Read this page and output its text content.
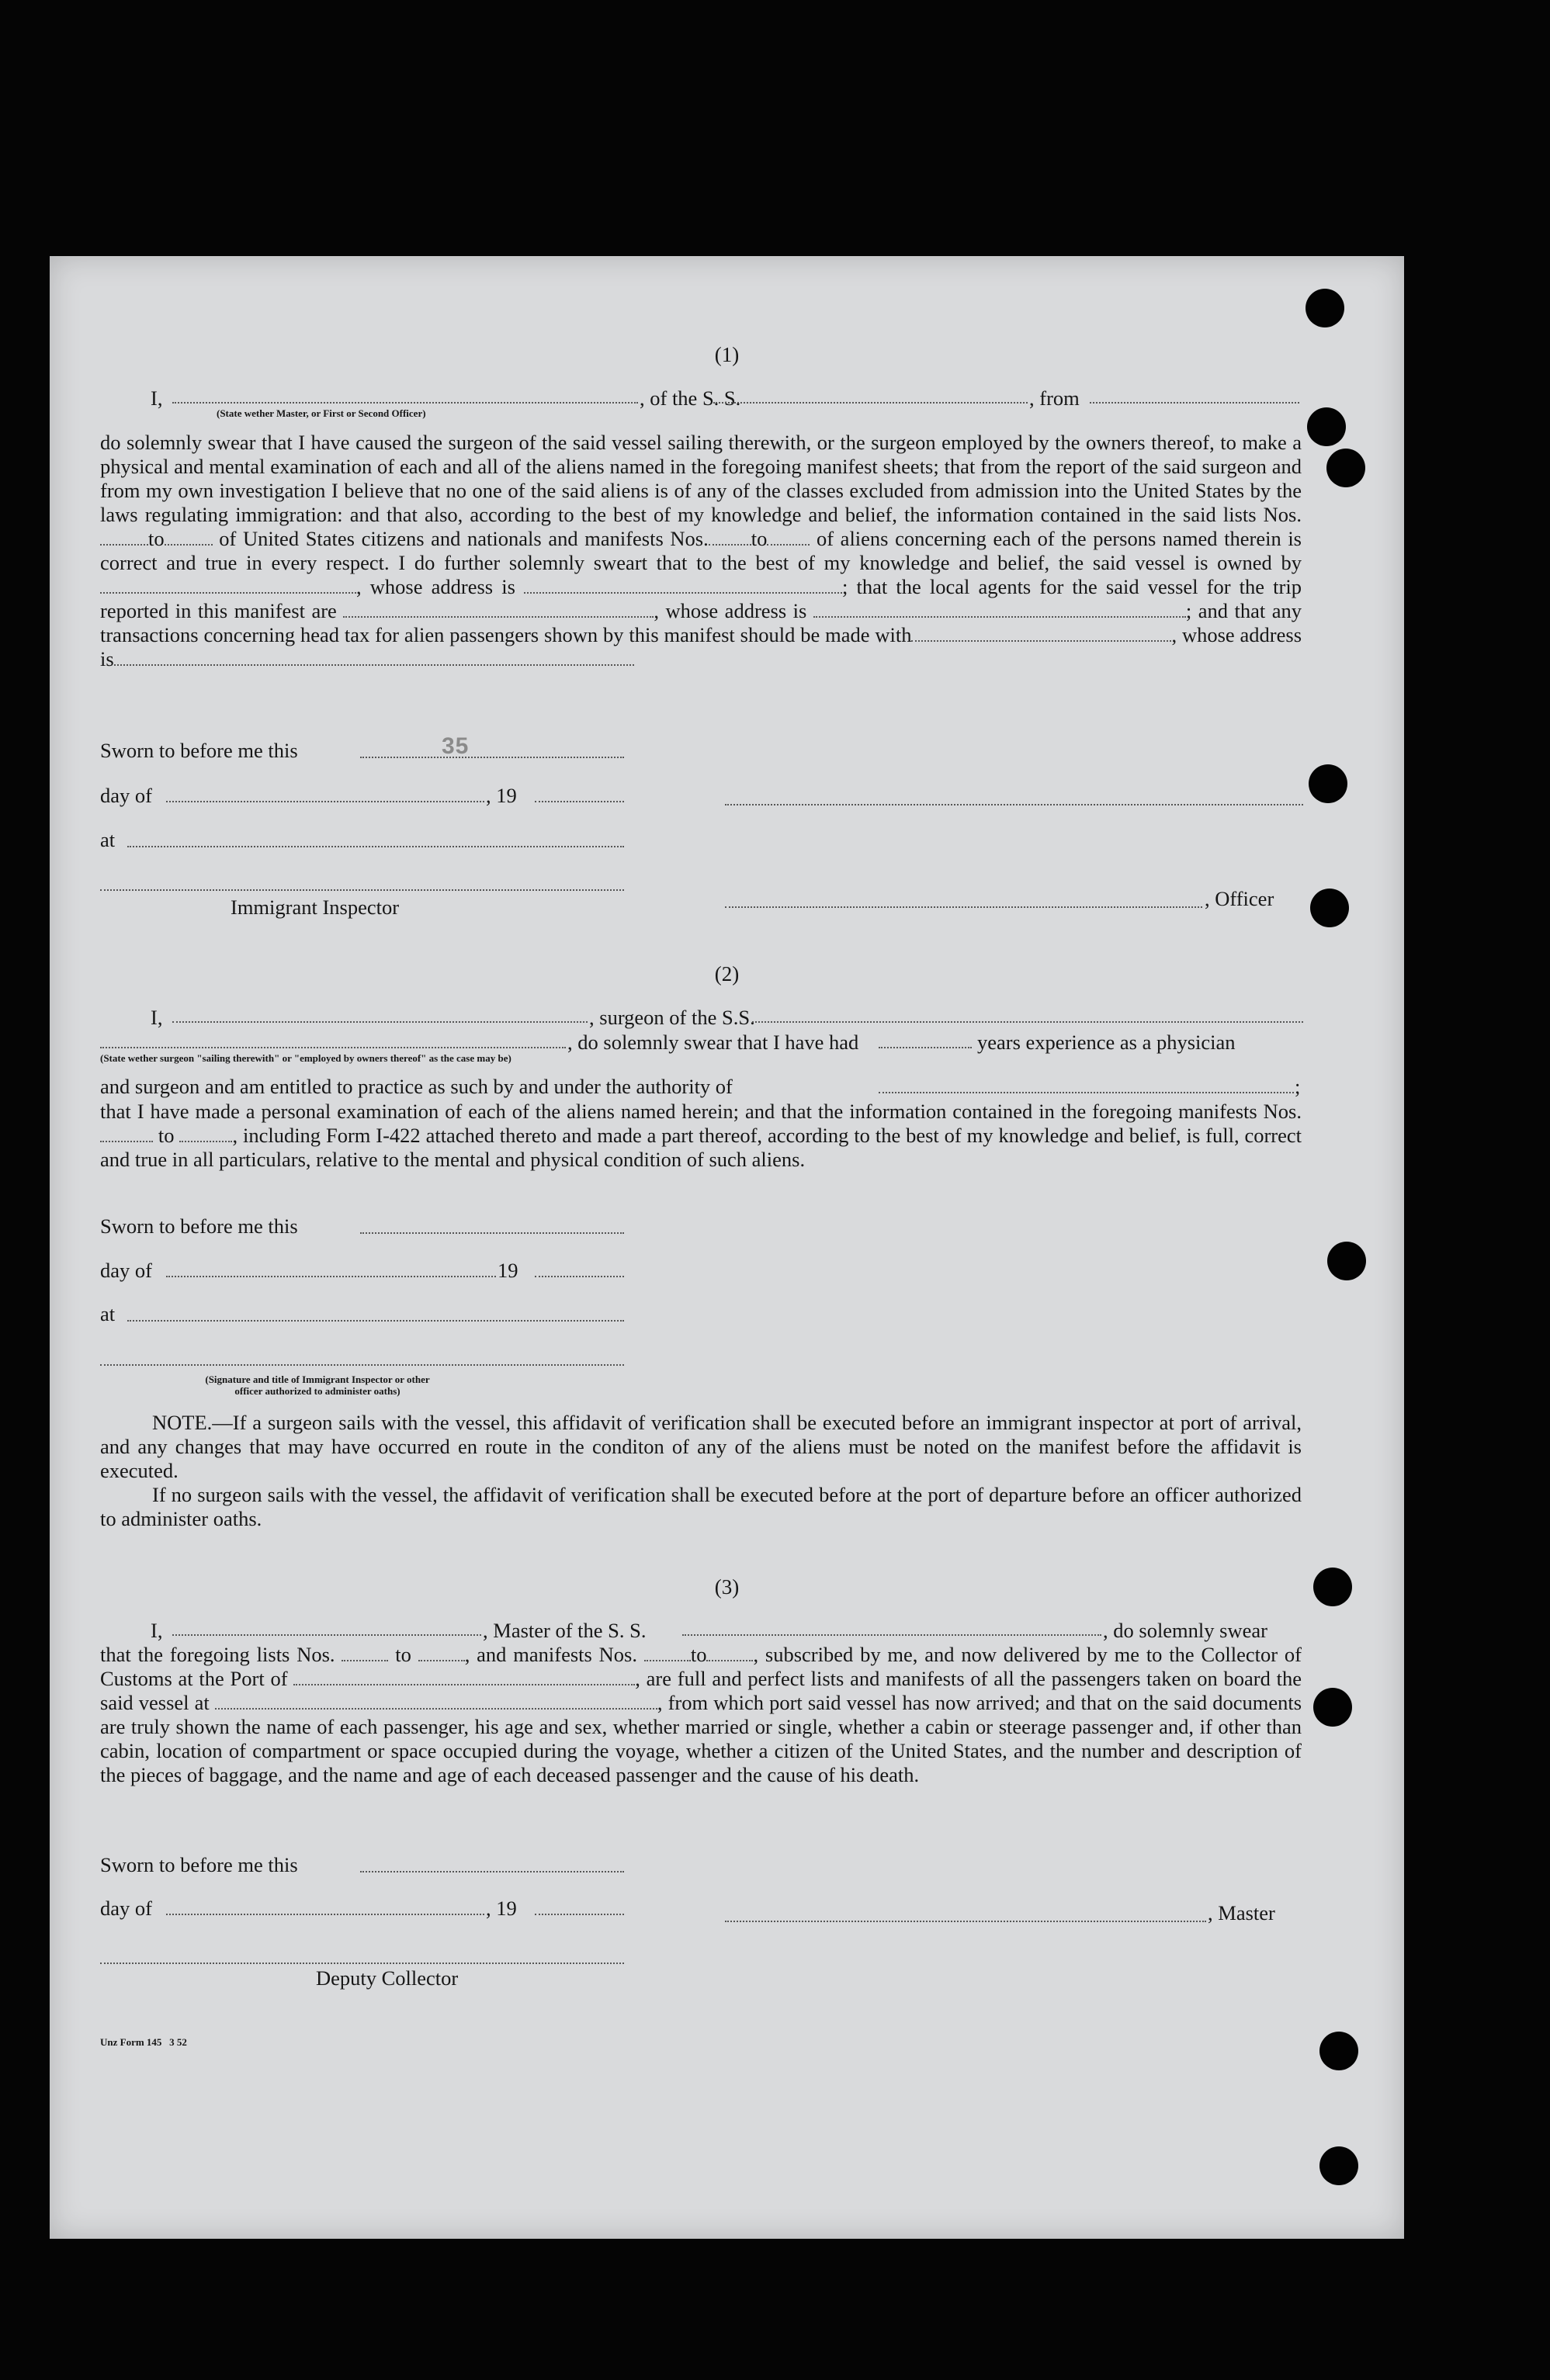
(1)
I,	, of the S. S.	, from
(State wether Master, or First or Second Officer)

do solemnly swear that I have caused the surgeon of the said vessel sailing therewith, or the surgeon employed by the owners thereof, to make a physical and mental examination of each and all of the aliens named in the foregoing manifest sheets; that from the report of the said surgeon and from my own investigation I believe that no one of the said aliens is of any of the classes excluded from admission into the United States by the laws regulating immigration: and that also, according to the best of my knowledge and belief, the information contained in the said lists Nos. to	of United States citizens and nationals and manifests Nos. to of aliens concerning each of the persons named therein is correct and true in every respect. I do further solemnly sweart that to the best of my knowledge and belief, the said vessel is owned by, whose address is	; that the local agents for the said vessel for the trip reported in this manifest are	, whose address is	; and that any transactions concerning head tax for alien passengers shown by this manifest should be made with	, whose address is

Sworn to before me this	35
day of	, 19
at
Immigrant Inspector	, Officer
(2)
I,	, surgeon of the S.S.
, do solemnly swear that I have had	years experience as a physician
(State wether surgeon "sailing therewith" or "employed by owners thereof" as the case may be)
and surgeon and am entitled to practice as such by and under the authority of	;

that I have made a personal examination of each of the aliens named herein; and that the information contained in the foregoing manifests Nos.  to	, including Form I-422 attached thereto and made a part thereof, according to the best of my knowledge and belief, is full, correct and true in all particulars, relative to the mental and physical condition of such aliens.

Sworn to before me this
day of	19
at
(Signature and title of Immigrant Inspector or other
officer authorized to administer oaths)

NOTE.—If a surgeon sails with the vessel, this affidavit of verification shall be executed before an immigrant inspector at port of arrival, and any changes that may have occurred en route in the conditon of any of the aliens must be noted on the manifest before the affidavit is executed.

If no surgeon sails with the vessel, the affidavit of verification shall be executed before at the port of departure before an officer authorized to administer oaths.

(3)
I,	, Master of the S. S.	, do solemnly swear

that the foregoing lists Nos.	to	, and manifests Nos.	to , subscribed by me, and now delivered by me to the Collector of Customs at the Port of	, are full and perfect lists and manifests of all the passengers taken on board the said vessel at	, from which port said vessel has now arrived; and that on the said documents are truly shown the name of each passenger, his age and sex, whether married or single, whether a cabin or steerage passenger and, if other than cabin, location of compartment or space occupied during the voyage, whether a citizen of the United States, and the number and description of the pieces of baggage, and the name and age of each deceased passenger and the cause of his death.

Sworn to before me this
day of	, 19	, Master
Deputy Collector
Unz Form 145   3 52
